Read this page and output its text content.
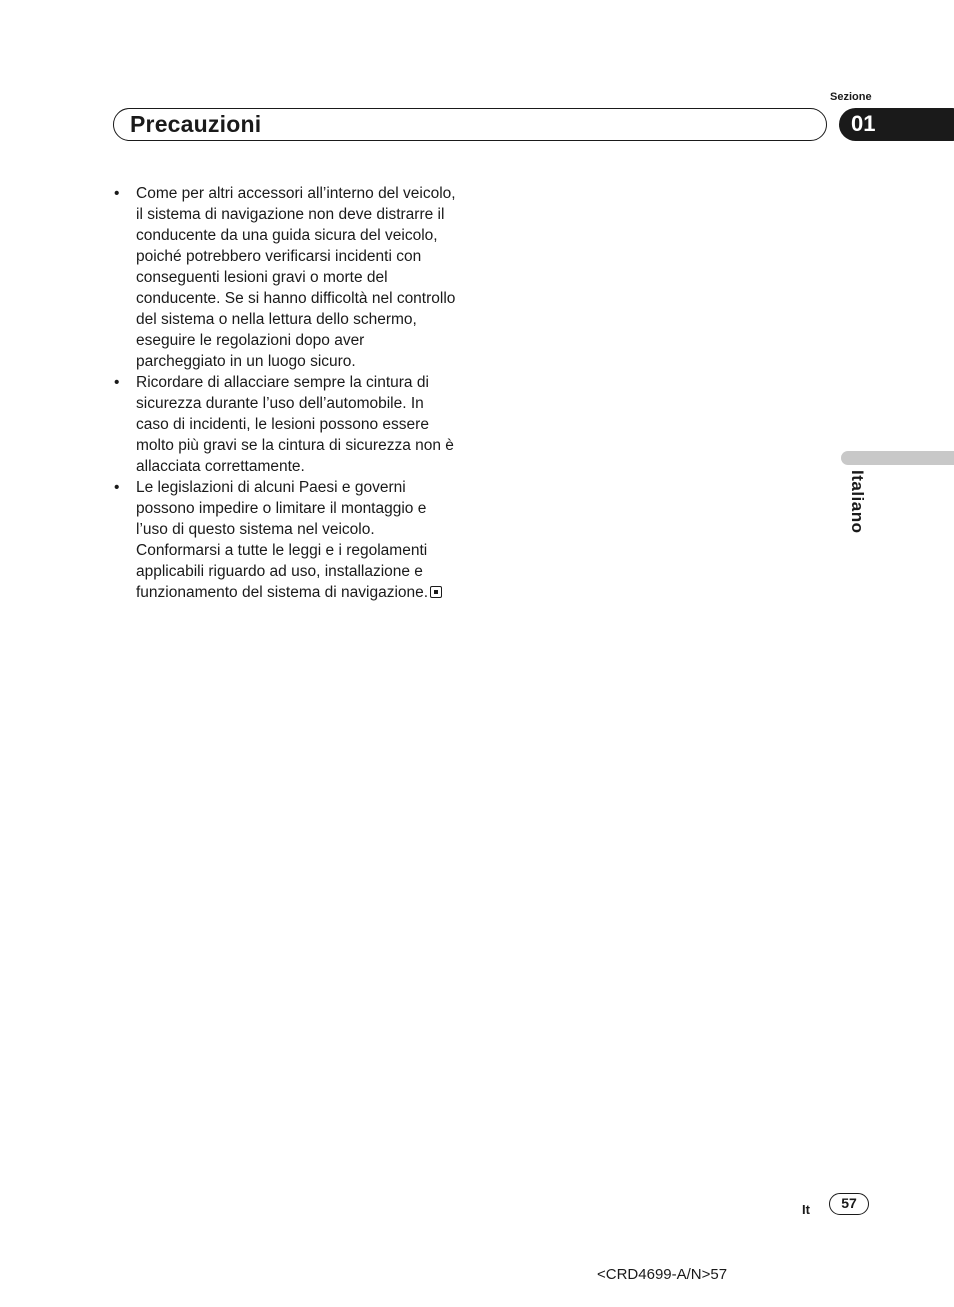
Sezione
Precauzioni	01
Italiano
• Come per altri accessori all’interno del veicolo, il sistema di navigazione non deve distrarre il conducente da una guida sicura del veicolo, poiché potrebbero verificarsi incidenti con conseguenti lesioni gravi o morte del conducente. Se si hanno difficoltà nel controllo del sistema o nella lettura dello schermo, eseguire le regolazioni dopo aver parcheggiato in un luogo sicuro.
• Ricordare di allacciare sempre la cintura di sicurezza durante l’uso dell’automobile. In caso di incidenti, le lesioni possono essere molto più gravi se la cintura di sicurezza non è allacciata correttamente.
• Le legislazioni di alcuni Paesi e governi possono impedire o limitare il montaggio e l’uso di questo sistema nel veicolo. Conformarsi a tutte le leggi e i regolamenti applicabili riguardo ad uso, installazione e funzionamento del sistema di navigazione.
It	57
<CRD4699-A/N>57
